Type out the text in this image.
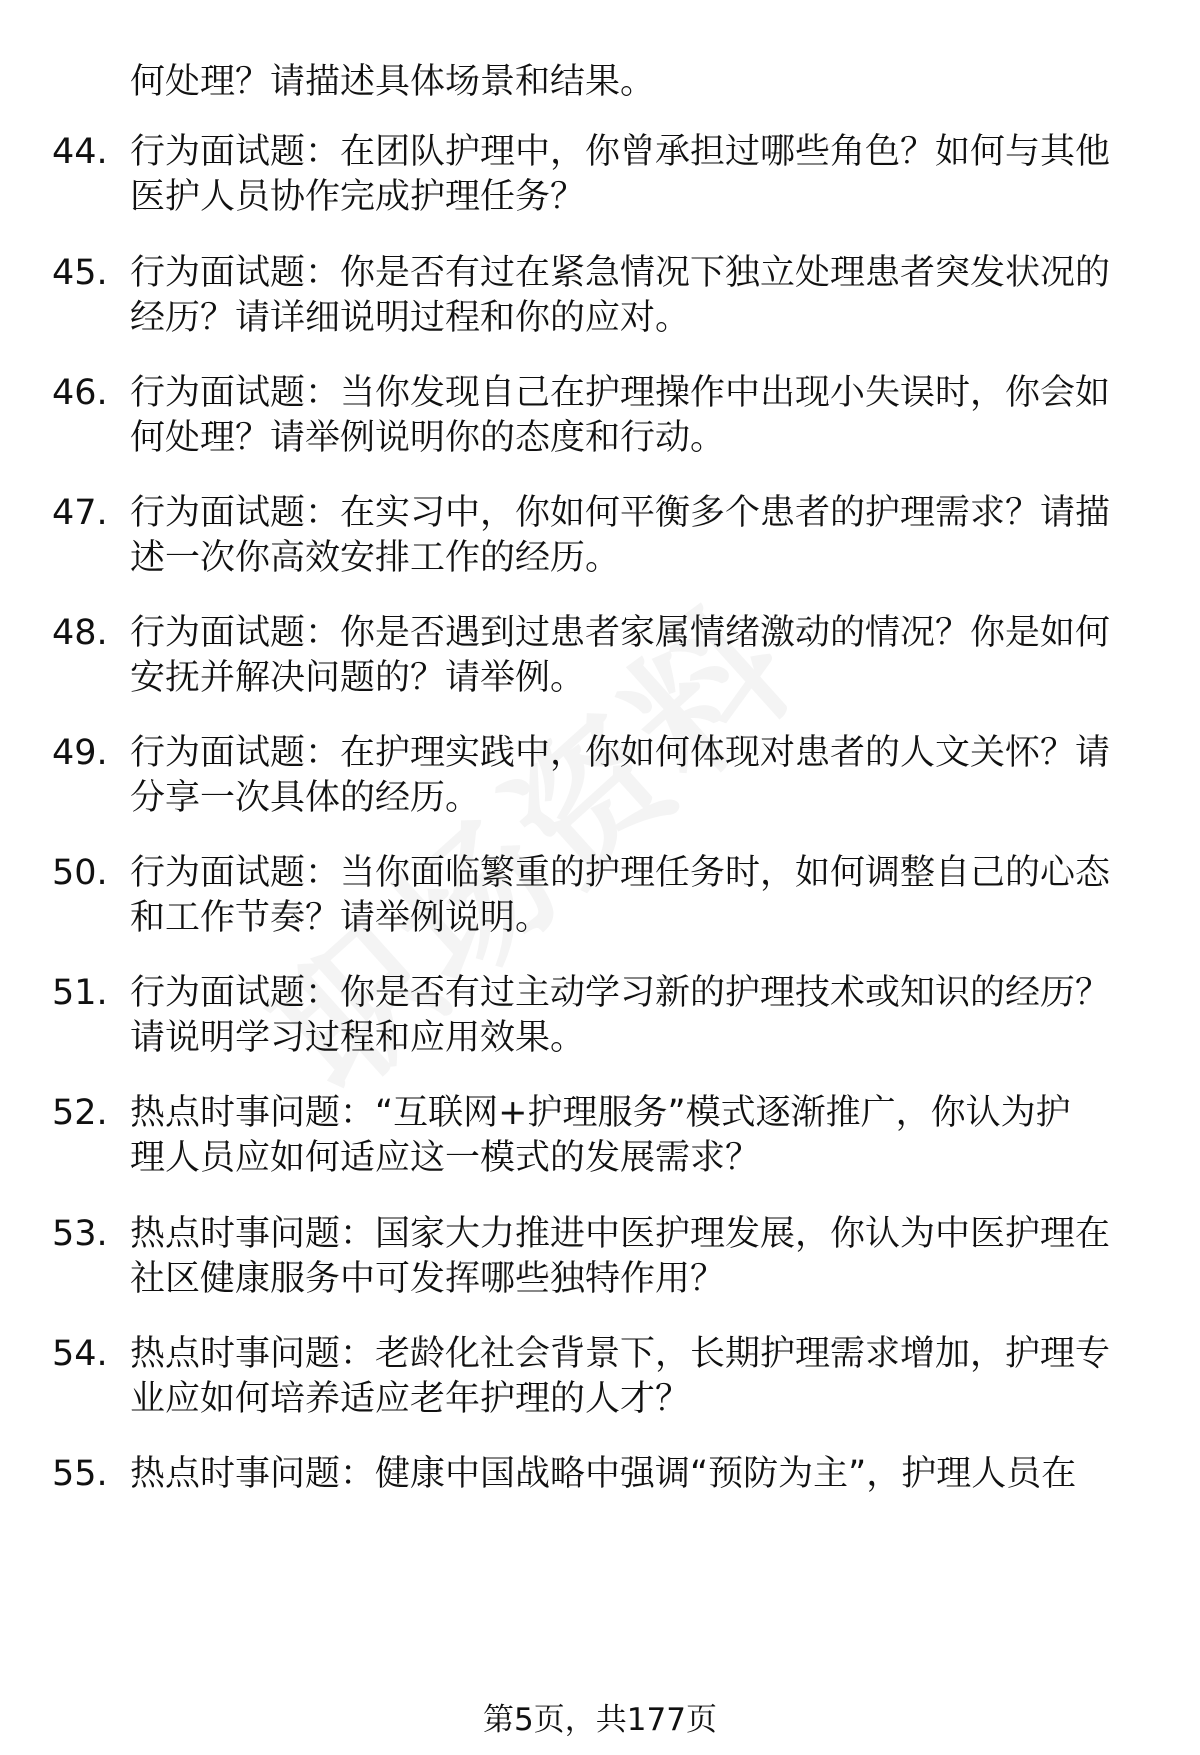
何处理？请描述具体场景和结果。
44. 行为面试题：在团队护理中，你曾承担过哪些角色？如何与其他
医护人员协作完成护理任务？
45. 行为面试题：你是否有过在紧急情况下独立处理患者突发状况的
经历？请详细说明过程和你的应对。
46. 行为面试题：当你发现自己在护理操作中出现小失误时，你会如
何处理？请举例说明你的态度和行动。
47. 行为面试题：在实习中，你如何平衡多个患者的护理需求？请描
述一次你高效安排工作的经历。
48. 行为面试题：你是否遇到过患者家属情绪激动的情况？你是如何
安抚并解决问题的？请举例。
49. 行为面试题：在护理实践中，你如何体现对患者的人文关怀？请
分享一次具体的经历。
50. 行为面试题：当你面临繁重的护理任务时，如何调整自己的心态
和工作节奏？请举例说明。
51. 行为面试题：你是否有过主动学习新的护理技术或知识的经历？
请说明学习过程和应用效果。
52. 热点时事问题：“互联网+护理服务”模式逐渐推广，你认为护
理人员应如何适应这一模式的发展需求？
53. 热点时事问题：国家大力推进中医护理发展，你认为中医护理在
社区健康服务中可发挥哪些独特作用？
54. 热点时事问题：老龄化社会背景下，长期护理需求增加，护理专
业应如何培养适应老年护理的人才？
55. 热点时事问题：健康中国战略中强调“预防为主”，护理人员在
第5页，共177页
